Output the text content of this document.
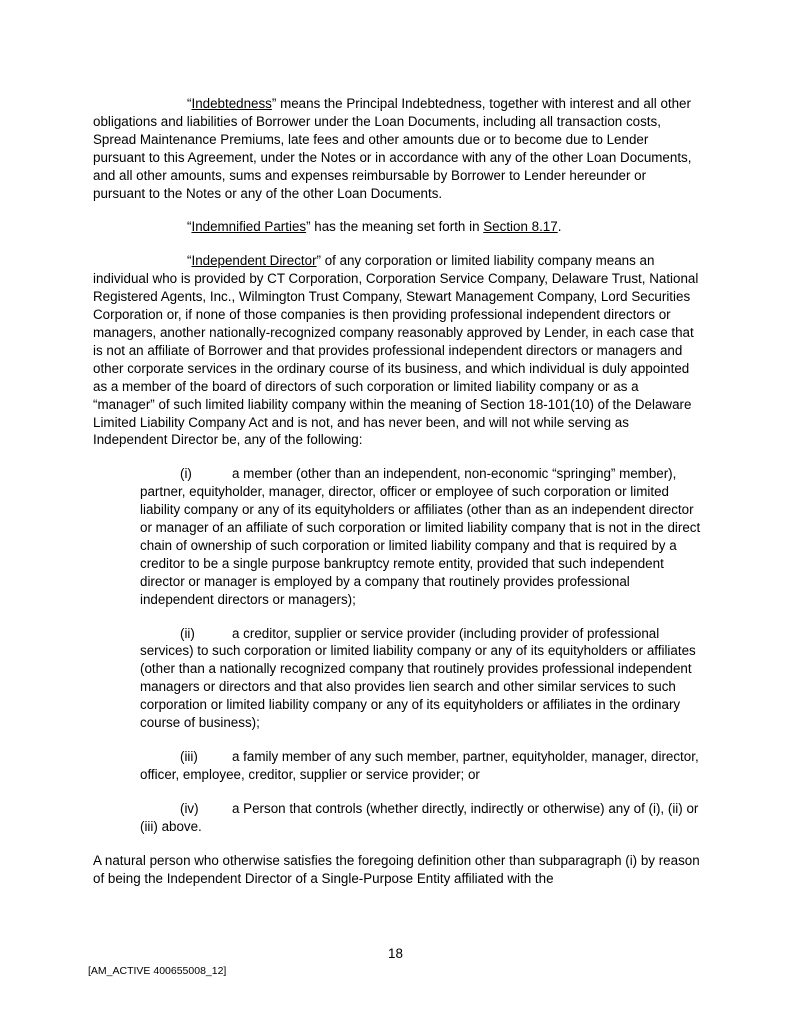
“Indebtedness” means the Principal Indebtedness, together with interest and all other obligations and liabilities of Borrower under the Loan Documents, including all transaction costs, Spread Maintenance Premiums, late fees and other amounts due or to become due to Lender pursuant to this Agreement, under the Notes or in accordance with any of the other Loan Documents, and all other amounts, sums and expenses reimbursable by Borrower to Lender hereunder or pursuant to the Notes or any of the other Loan Documents.

“Indemnified Parties” has the meaning set forth in Section 8.17.

“Independent Director” of any corporation or limited liability company means an individual who is provided by CT Corporation, Corporation Service Company, Delaware Trust, National Registered Agents, Inc., Wilmington Trust Company, Stewart Management Company, Lord Securities Corporation or, if none of those companies is then providing professional independent directors or managers, another nationally-recognized company reasonably approved by Lender, in each case that is not an affiliate of Borrower and that provides professional independent directors or managers and other corporate services in the ordinary course of its business, and which individual is duly appointed as a member of the board of directors of such corporation or limited liability company or as a “manager” of such limited liability company within the meaning of Section 18-101(10) of the Delaware Limited Liability Company Act and is not, and has never been, and will not while serving as Independent Director be, any of the following:

(i)	a member (other than an independent, non-economic “springing” member), partner, equityholder, manager, director, officer or employee of such corporation or limited liability company or any of its equityholders or affiliates (other than as an independent director or manager of an affiliate of such corporation or limited liability company that is not in the direct chain of ownership of such corporation or limited liability company and that is required by a creditor to be a single purpose bankruptcy remote entity, provided that such independent director or manager is employed by a company that routinely provides professional independent directors or managers);

(ii)	a creditor, supplier or service provider (including provider of professional services) to such corporation or limited liability company or any of its equityholders or affiliates (other than a nationally recognized company that routinely provides professional independent managers or directors and that also provides lien search and other similar services to such corporation or limited liability company or any of its equityholders or affiliates in the ordinary course of business);

(iii)	a family member of any such member, partner, equityholder, manager, director, officer, employee, creditor, supplier or service provider; or

(iv) a Person that controls (whether directly, indirectly or otherwise) any of (i), (ii) or (iii) above.

A natural person who otherwise satisfies the foregoing definition other than subparagraph (i) by reason of being the Independent Director of a Single-Purpose Entity affiliated with the

18
[AM_ACTIVE 400655008_12]
